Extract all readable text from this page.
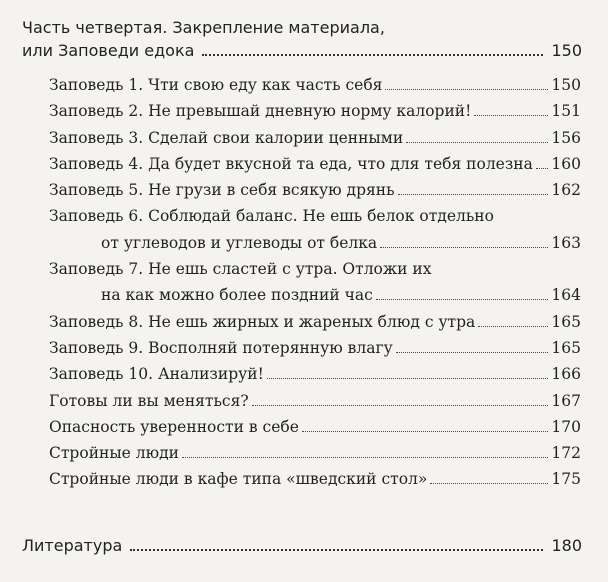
Часть четвертая. Закрепление материала,
или Заповеди едока	150
Заповедь 1. Чти свою еду как часть себя	150
Заповедь 2. Не превышай дневную норму калорий!	151
Заповедь 3. Сделай свои калории ценными	156
Заповедь 4. Да будет вкусной та еда, что для тебя полезна 160
Заповедь 5. Не грузи в себя всякую дрянь	162
Заповедь 6. Соблюдай баланс. Не ешь белок отдельно
от углеводов и углеводы от белка	163
Заповедь 7. Не ешь сластей с утра. Отложи их
на как можно более поздний час	164
Заповедь 8. Не ешь жирных и жареных блюд с утра	165
Заповедь 9. Восполняй потерянную влагу	165
Заповедь 10. Анализируй!	166
Готовы ли вы меняться?	167
Опасность уверенности в себе	170
Стройные люди	172
Стройные люди в кафе типа «шведский стол»	175
Литература	180
